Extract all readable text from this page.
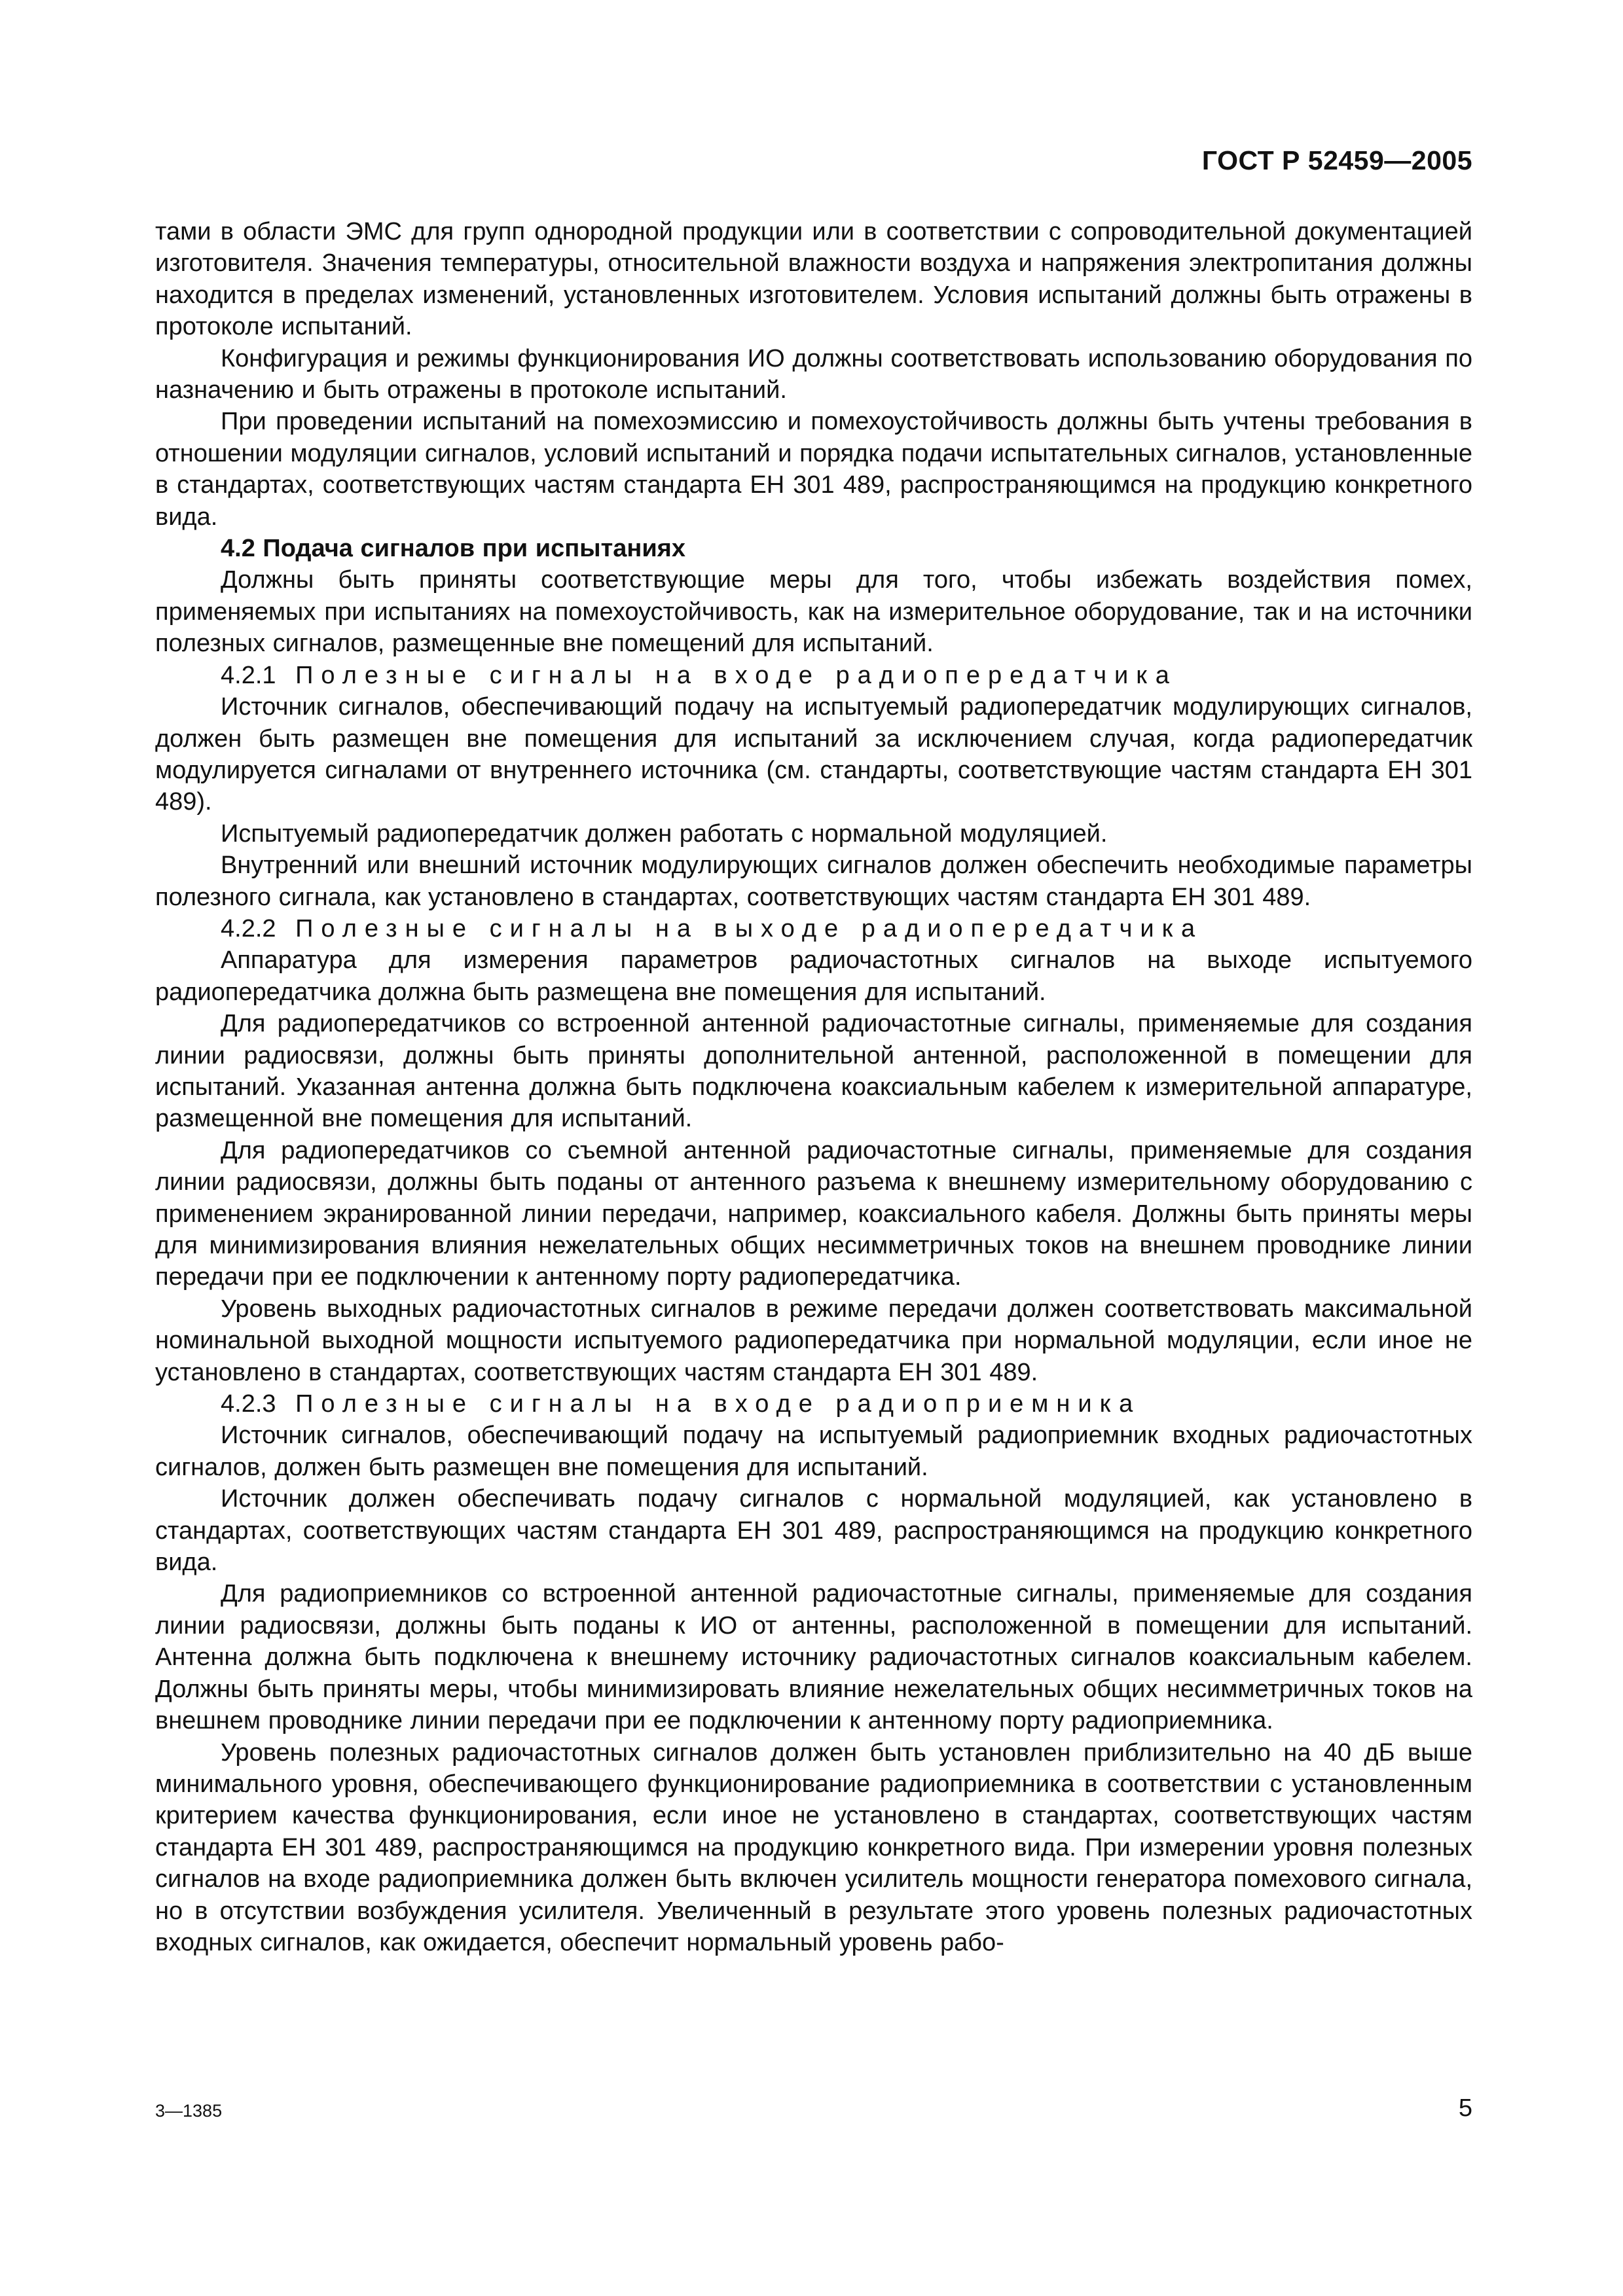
ГОСТ Р 52459—2005

тами в области ЭМС для групп однородной продукции или в соответствии с сопроводительной документацией изготовителя. Значения температуры, относительной влажности воздуха и напряжения электропитания должны находится в пределах изменений, установленных изготовителем. Условия испытаний должны быть отражены в протоколе испытаний.

Конфигурация и режимы функционирования ИО должны соответствовать использованию оборудования по назначению и быть отражены в протоколе испытаний.

При проведении испытаний на помехоэмиссию и помехоустойчивость должны быть учтены требования в отношении модуляции сигналов, условий испытаний и порядка подачи испытательных сигналов, установленные в стандартах, соответствующих частям стандарта ЕН 301 489, распространяющимся на продукцию конкретного вида.

4.2 Подача сигналов при испытаниях

Должны быть приняты соответствующие меры для того, чтобы избежать воздействия помех, применяемых при испытаниях на помехоустойчивость, как на измерительное оборудование, так и на источники полезных сигналов, размещенные вне помещений для испытаний.

4.2.1 Полезные сигналы на входе радиопередатчика

Источник сигналов, обеспечивающий подачу на испытуемый радиопередатчик модулирующих сигналов, должен быть размещен вне помещения для испытаний за исключением случая, когда радиопередатчик модулируется сигналами от внутреннего источника (см. стандарты, соответствующие частям стандарта ЕН 301 489).

Испытуемый радиопередатчик должен работать с нормальной модуляцией.

Внутренний или внешний источник модулирующих сигналов должен обеспечить необходимые параметры полезного сигнала, как установлено в стандартах, соответствующих частям стандарта ЕН 301 489.

4.2.2 Полезные сигналы на выходе радиопередатчика

Аппаратура для измерения параметров радиочастотных сигналов на выходе испытуемого радиопередатчика должна быть размещена вне помещения для испытаний.

Для радиопередатчиков со встроенной антенной радиочастотные сигналы, применяемые для создания линии радиосвязи, должны быть приняты дополнительной антенной, расположенной в помещении для испытаний. Указанная антенна должна быть подключена коаксиальным кабелем к измерительной аппаратуре, размещенной вне помещения для испытаний.

Для радиопередатчиков со съемной антенной радиочастотные сигналы, применяемые для создания линии радиосвязи, должны быть поданы от антенного разъема к внешнему измерительному оборудованию с применением экранированной линии передачи, например, коаксиального кабеля. Должны быть приняты меры для минимизирования влияния нежелательных общих несимметричных токов на внешнем проводнике линии передачи при ее подключении к антенному порту радиопередатчика.

Уровень выходных радиочастотных сигналов в режиме передачи должен соответствовать максимальной номинальной выходной мощности испытуемого радиопередатчика при нормальной модуляции, если иное не установлено в стандартах, соответствующих частям стандарта ЕН 301 489.

4.2.3 Полезные сигналы на входе радиоприемника

Источник сигналов, обеспечивающий подачу на испытуемый радиоприемник входных радиочастотных сигналов, должен быть размещен вне помещения для испытаний.

Источник должен обеспечивать подачу сигналов с нормальной модуляцией, как установлено в стандартах, соответствующих частям стандарта ЕН 301 489, распространяющимся на продукцию конкретного вида.

Для радиоприемников со встроенной антенной радиочастотные сигналы, применяемые для создания линии радиосвязи, должны быть поданы к ИО от антенны, расположенной в помещении для испытаний. Антенна должна быть подключена к внешнему источнику радиочастотных сигналов коаксиальным кабелем. Должны быть приняты меры, чтобы минимизировать влияние нежелательных общих несимметричных токов на внешнем проводнике линии передачи при ее подключении к антенному порту радиоприемника.

Уровень полезных радиочастотных сигналов должен быть установлен приблизительно на 40 дБ выше минимального уровня, обеспечивающего функционирование радиоприемника в соответствии с установленным критерием качества функционирования, если иное не установлено в стандартах, соответствующих частям стандарта ЕН 301 489, распространяющимся на продукцию конкретного вида. При измерении уровня полезных сигналов на входе радиоприемника должен быть включен усилитель мощности генератора помехового сигнала, но в отсутствии возбуждения усилителя. Увеличенный в результате этого уровень полезных радиочастотных входных сигналов, как ожидается, обеспечит нормальный уровень рабо-

3—1385	5
